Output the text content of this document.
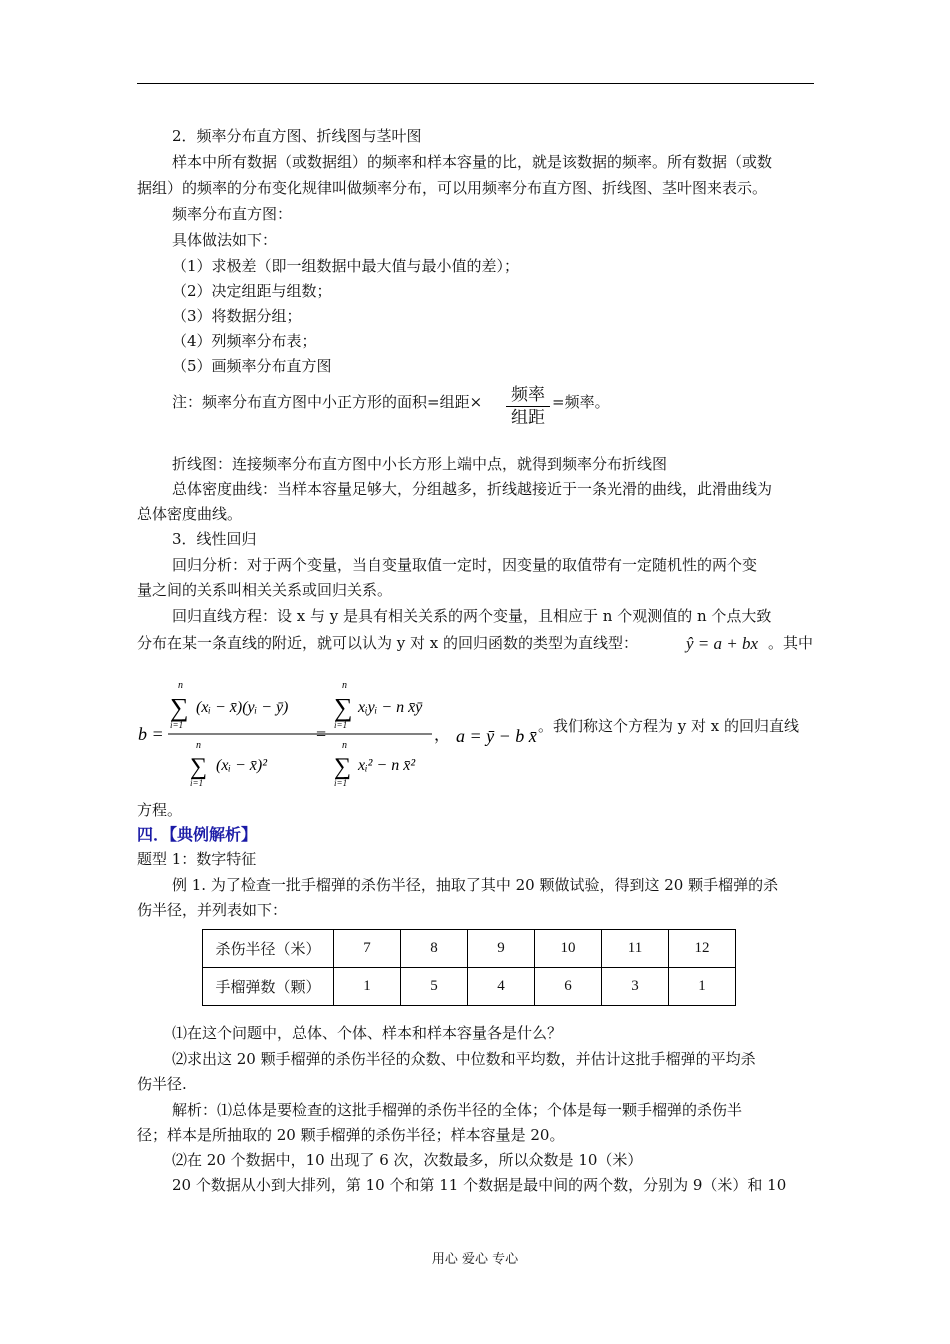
2．频率分布直方图、折线图与茎叶图
样本中所有数据（或数据组）的频率和样本容量的比，就是该数据的频率。所有数据（或数
据组）的频率的分布变化规律叫做频率分布，可以用频率分布直方图、折线图、茎叶图来表示。
频率分布直方图：
具体做法如下：
（1）求极差（即一组数据中最大值与最小值的差）；
（2）决定组距与组数；
（3）将数据分组；
（4）列频率分布表；
（5）画频率分布直方图
注：频率分布直方图中小正方形的面积=组距× 频率
组距
=频率。
折线图：连接频率分布直方图中小长方形上端中点，就得到频率分布折线图
总体密度曲线：当样本容量足够大，分组越多，折线越接近于一条光滑的曲线，此滑曲线为
总体密度曲线。
3．线性回归
回归分析：对于两个变量，当自变量取值一定时，因变量的取值带有一定随机性的两个变
量之间的关系叫相关关系或回归关系。
回归直线方程：设 x 与 y 是具有相关关系的两个变量，且相应于 n 个观测值的 n 个点大致
分布在某一条直线的附近，就可以认为 y 对 x 的回归函数的类型为直线型：	ŷ = a + bx 。其中
b =
n
∑
i=1
(xᵢ − x̄)(yᵢ − ȳ)
n
∑
i=1
(xᵢ − x̄)²
=
n
∑
i=1
xᵢyᵢ − n x̄ȳ
n
∑
i=1
xᵢ² − n x̄²
， a = ȳ − b x̄ 。我们称这个方程为 y 对 x 的回归直线
方程。
四．【典例解析】
题型 1：数字特征
例 1. 为了检查一批手榴弹的杀伤半径，抽取了其中 20 颗做试验，得到这 20 颗手榴弹的杀
伤半径，并列表如下：
杀伤半径（米）	7	8	9	10	11	12
手榴弹数（颗）	1	5	4	6	3	1
⑴在这个问题中，总体、个体、样本和样本容量各是什么？
⑵求出这 20 颗手榴弹的杀伤半径的众数、中位数和平均数，并估计这批手榴弹的平均杀
伤半径.
解析：⑴总体是要检查的这批手榴弹的杀伤半径的全体；个体是每一颗手榴弹的杀伤半
径；样本是所抽取的 20 颗手榴弹的杀伤半径；样本容量是 20。
⑵在 20 个数据中，10 出现了 6 次，次数最多，所以众数是 10（米）
20 个数据从小到大排列，第 10 个和第 11 个数据是最中间的两个数，分别为 9（米）和 10
用心 爱心 专心
